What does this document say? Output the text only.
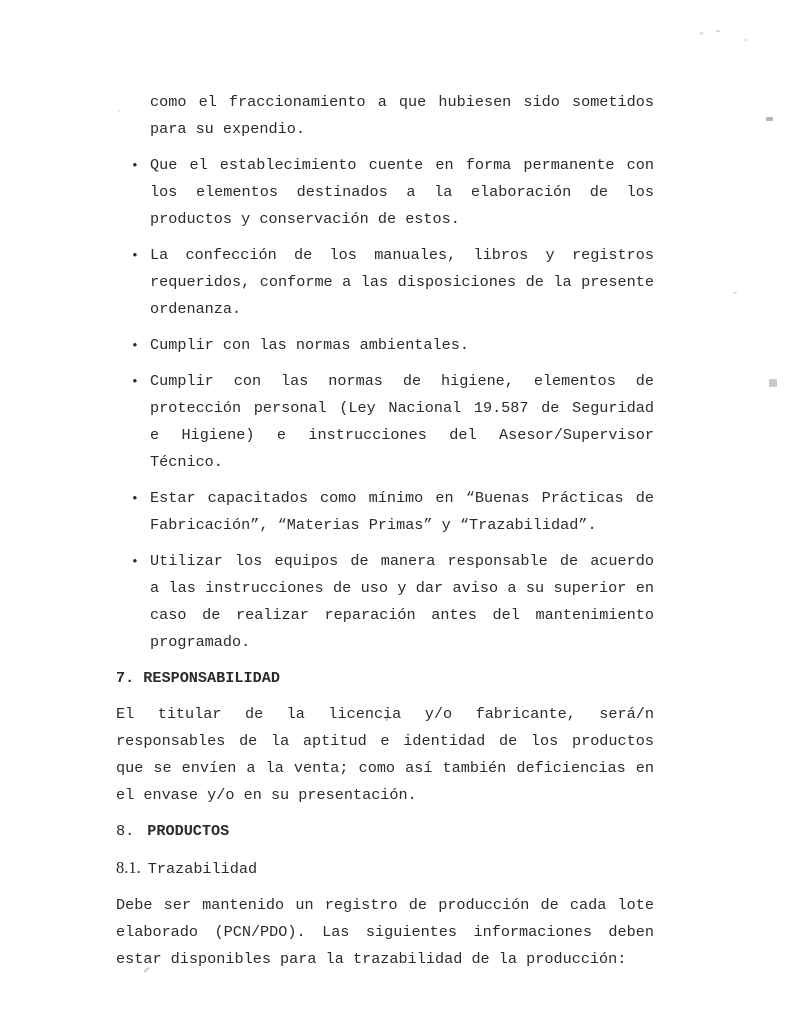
como el fraccionamiento a que hubiesen sido sometidos
para su expendio.
• Que el establecimiento cuente en forma permanente con
los elementos destinados a la elaboración de los
productos y conservación de estos.
• La confección de los manuales, libros y registros
requeridos, conforme a las disposiciones de la presente
ordenanza.
• Cumplir con las normas ambientales.
• Cumplir con las normas de higiene, elementos de
protección personal (Ley Nacional 19.587 de Seguridad
e Higiene) e instrucciones del Asesor/Supervisor
Técnico.
• Estar capacitados como mínimo en “Buenas Prácticas de
Fabricación”, “Materias Primas” y “Trazabilidad”.
• Utilizar los equipos de manera responsable de acuerdo
a las instrucciones de uso y dar aviso a su superior en
caso de realizar reparación antes del mantenimiento
programado.
7. RESPONSABILIDAD
El titular de la licencia y/o fabricante, será/n
responsables de la aptitud e identidad de los productos
que se envíen a la venta; como así también deficiencias en
el envase y/o en su presentación.
8. PRODUCTOS
8.1. Trazabilidad
Debe ser mantenido un registro de producción de cada lote
elaborado (PCN/PDO). Las siguientes informaciones deben
estar disponibles para la trazabilidad de la producción:
